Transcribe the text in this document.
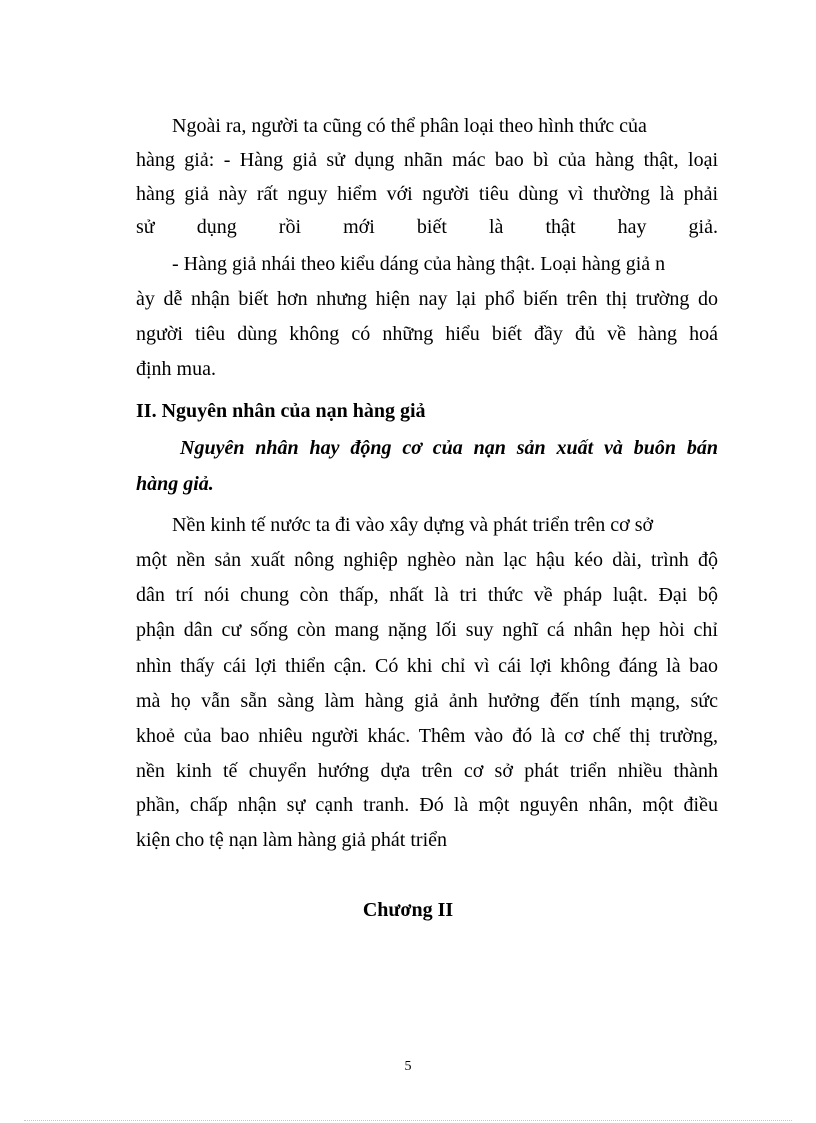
Ngoài ra, người ta cũng có thể phân loại theo hình thức của
hàng giả: - Hàng giả sử dụng nhãn mác bao bì của hàng thật, loại
hàng giả này rất nguy hiểm với người tiêu dùng vì thường là phải
sử dụng rồi mới biết là thật hay giả.
- Hàng giả nhái theo kiểu dáng của hàng thật. Loại hàng giả n
ày dễ nhận biết hơn nhưng hiện nay lại phổ biến trên thị trường do
người tiêu dùng không có những hiểu biết đầy đủ về hàng hoá
định mua.
II. Nguyên nhân của nạn hàng giả
Nguyên nhân hay động cơ của nạn sản xuất và buôn bán
hàng giả.
Nền kinh tế nước ta đi vào xây dựng và phát triển trên cơ sở
một nền sản xuất nông nghiệp nghèo nàn lạc hậu kéo dài, trình độ
dân trí nói chung còn thấp, nhất là tri thức về pháp luật. Đại bộ
phận dân cư sống còn mang nặng lối suy nghĩ cá nhân hẹp hòi chỉ
nhìn thấy cái lợi thiển cận. Có khi chỉ vì cái lợi không đáng là bao
mà họ vẫn sẵn sàng làm hàng giả ảnh hưởng đến tính mạng, sức
khoẻ của bao nhiêu người khác. Thêm vào đó là cơ chế thị trường,
nền kinh tế chuyển hướng dựa trên cơ sở phát triển nhiều thành
phần, chấp nhận sự cạnh tranh. Đó là một nguyên nhân, một điều
kiện cho tệ nạn làm hàng giả phát triển
Chương II
5
